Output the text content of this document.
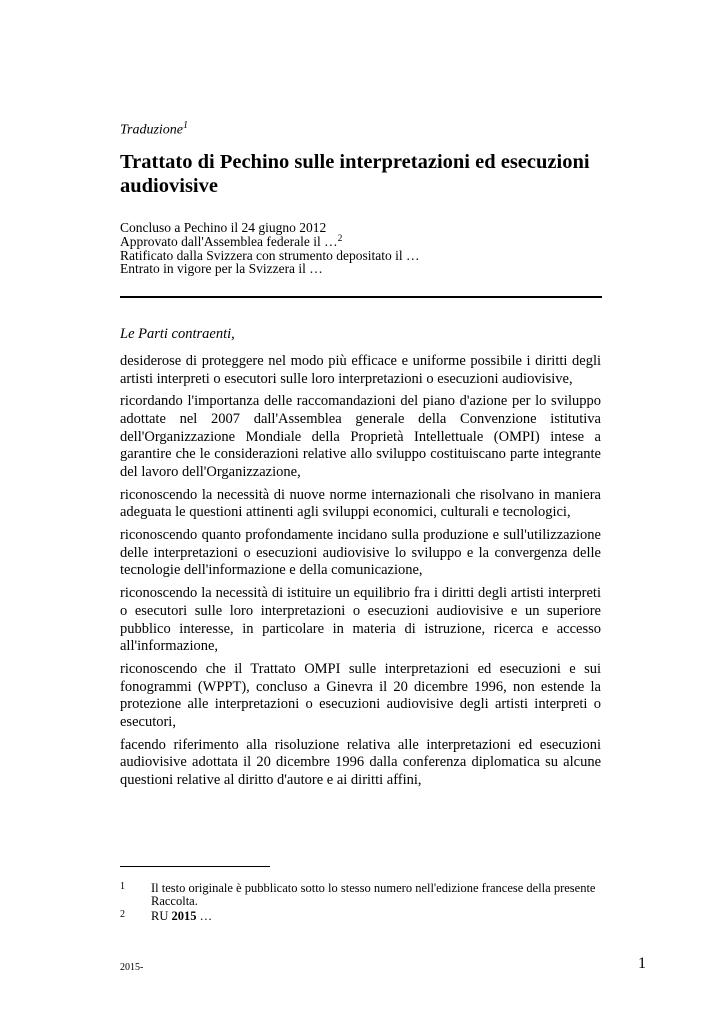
Traduzione$^1$
Trattato di Pechino sulle interpretazioni ed esecuzioni audiovisive
Concluso a Pechino il 24 giugno 2012
Approvato dall'Assemblea federale il …$^2$
Ratificato dalla Svizzera con strumento depositato il …
Entrato in vigore per la Svizzera il …
Le Parti contraenti,

desiderose di proteggere nel modo più efficace e uniforme possibile i diritti degli artisti interpreti o esecutori sulle loro interpretazioni o esecuzioni audiovisive,

ricordando l'importanza delle raccomandazioni del piano d'azione per lo sviluppo adottate nel 2007 dall'Assemblea generale della Convenzione istitutiva dell'Organizzazione Mondiale della Proprietà Intellettuale (OMPI) intese a garantire che le considerazioni relative allo sviluppo costituiscano parte integrante del lavoro dell'Organizzazione,

riconoscendo la necessità di nuove norme internazionali che risolvano in maniera adeguata le questioni attinenti agli sviluppi economici, culturali e tecnologici,

riconoscendo quanto profondamente incidano sulla produzione e sull'utilizzazione delle interpretazioni o esecuzioni audiovisive lo sviluppo e la convergenza delle tecnologie dell'informazione e della comunicazione,

riconoscendo la necessità di istituire un equilibrio fra i diritti degli artisti interpreti o esecutori sulle loro interpretazioni o esecuzioni audiovisive e un superiore pubblico interesse, in particolare in materia di istruzione, ricerca e accesso all'informazione,

riconoscendo che il Trattato OMPI sulle interpretazioni ed esecuzioni e sui fonogrammi (WPPT), concluso a Ginevra il 20 dicembre 1996, non estende la protezione alle interpretazioni o esecuzioni audiovisive degli artisti interpreti o esecutori,

facendo riferimento alla risoluzione relativa alle interpretazioni ed esecuzioni audiovisive adottata il 20 dicembre 1996 dalla conferenza diplomatica su alcune questioni relative al diritto d'autore e ai diritti affini,

1 Il testo originale è pubblicato sotto lo stesso numero nell'edizione francese della presente Raccolta.
2 RU 2015 …
2015-	1
